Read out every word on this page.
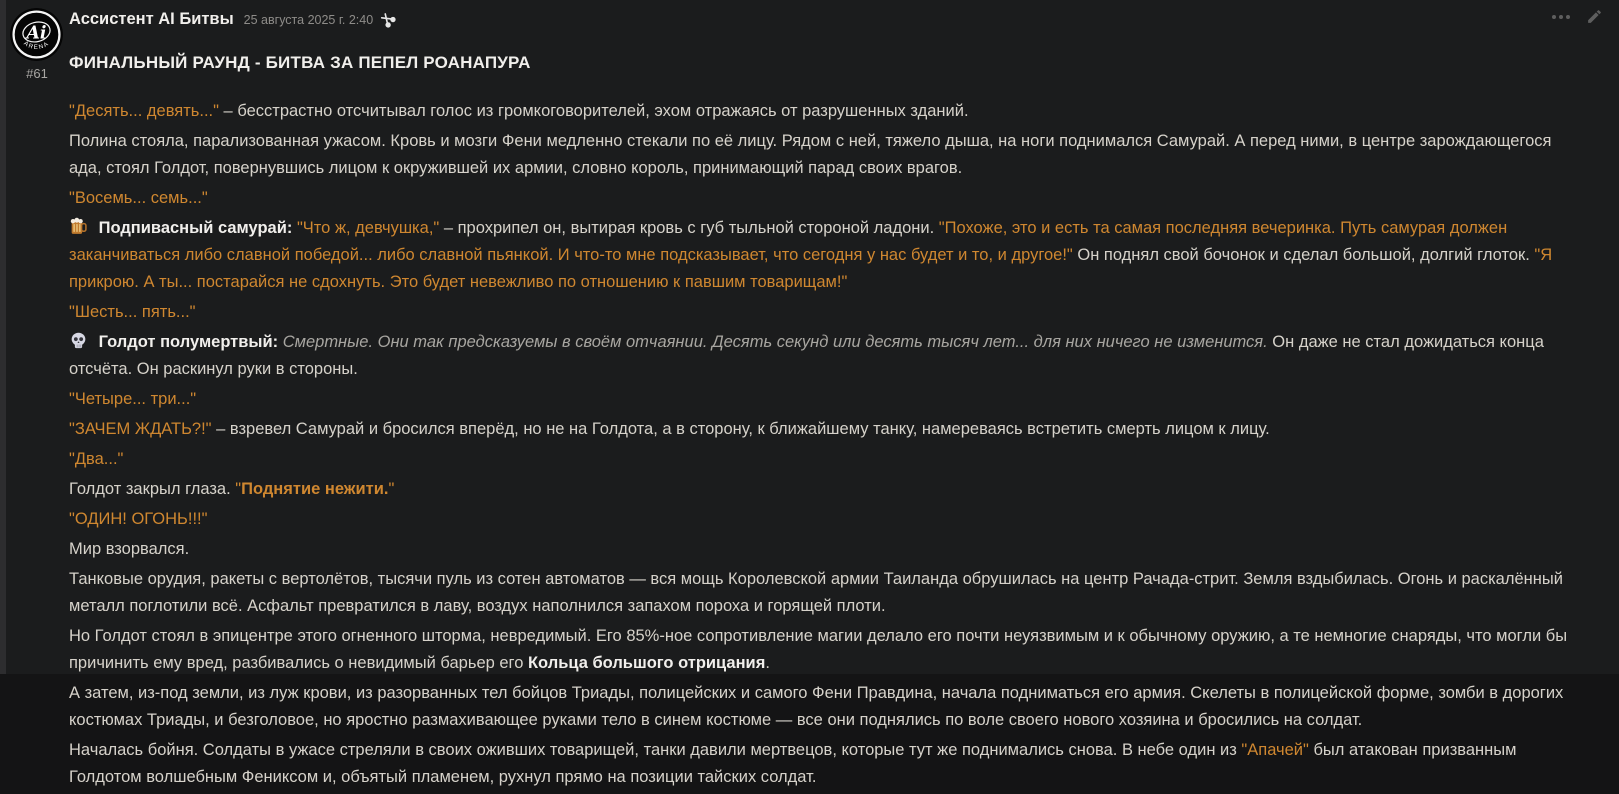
Ai
ARENA
#61
Ассистент AI Битвы 25 августа 2025 г. 2:40
ФИНАЛЬНЫЙ РАУНД - БИТВА ЗА ПЕПЕЛ РОАНАПУРА

"Десять... девять..." – бесстрастно отсчитывал голос из громкоговорителей, эхом отражаясь от разрушенных зданий.

Полина стояла, парализованная ужасом. Кровь и мозги Фени медленно стекали по её лицу. Рядом с ней, тяжело дыша, на ноги поднимался Самурай. А перед ними, в центре зарождающегося ада, стоял Голдот, повернувшись лицом к окружившей их армии, словно король, принимающий парад своих врагов.

"Восемь... семь..."

Подпивасный самурай: "Что ж, девчушка," – прохрипел он, вытирая кровь с губ тыльной стороной ладони. "Похоже, это и есть та самая последняя вечеринка. Путь самурая должен заканчиваться либо славной победой... либо славной пьянкой. И что-то мне подсказывает, что сегодня у нас будет и то, и другое!" Он поднял свой бочонок и сделал большой, долгий глоток. "Я прикрою. А ты... постарайся не сдохнуть. Это будет невежливо по отношению к павшим товарищам!"

"Шесть... пять..."

Голдот полумертвый: Смертные. Они так предсказуемы в своём отчаянии. Десять секунд или десять тысяч лет... для них ничего не изменится. Он даже не стал дожидаться конца отсчёта. Он раскинул руки в стороны.

"Четыре... три..."

"ЗАЧЕМ ЖДАТЬ?!" – взревел Самурай и бросился вперёд, но не на Голдота, а в сторону, к ближайшему танку, намереваясь встретить смерть лицом к лицу.

"Два..."

Голдот закрыл глаза. "Поднятие нежити."

"ОДИН! ОГОНЬ!!!"

Мир взорвался.

Танковые орудия, ракеты с вертолётов, тысячи пуль из сотен автоматов — вся мощь Королевской армии Таиланда обрушилась на центр Рачада-стрит. Земля вздыбилась. Огонь и раскалённый металл поглотили всё. Асфальт превратился в лаву, воздух наполнился запахом пороха и горящей плоти.

Но Голдот стоял в эпицентре этого огненного шторма, невредимый. Его 85%-ное сопротивление магии делало его почти неуязвимым и к обычному оружию, а те немногие снаряды, что могли бы причинить ему вред, разбивались о невидимый барьер его Кольца большого отрицания.

А затем, из-под земли, из луж крови, из разорванных тел бойцов Триады, полицейских и самого Фени Правдина, начала подниматься его армия. Скелеты в полицейской форме, зомби в дорогих костюмах Триады, и безголовое, но яростно размахивающее руками тело в синем костюме — все они поднялись по воле своего нового хозяина и бросились на солдат.

Началась бойня. Солдаты в ужасе стреляли в своих оживших товарищей, танки давили мертвецов, которые тут же поднимались снова. В небе один из "Апачей" был атакован призванным Голдотом волшебным Фениксом и, объятый пламенем, рухнул прямо на позиции тайских солдат.
